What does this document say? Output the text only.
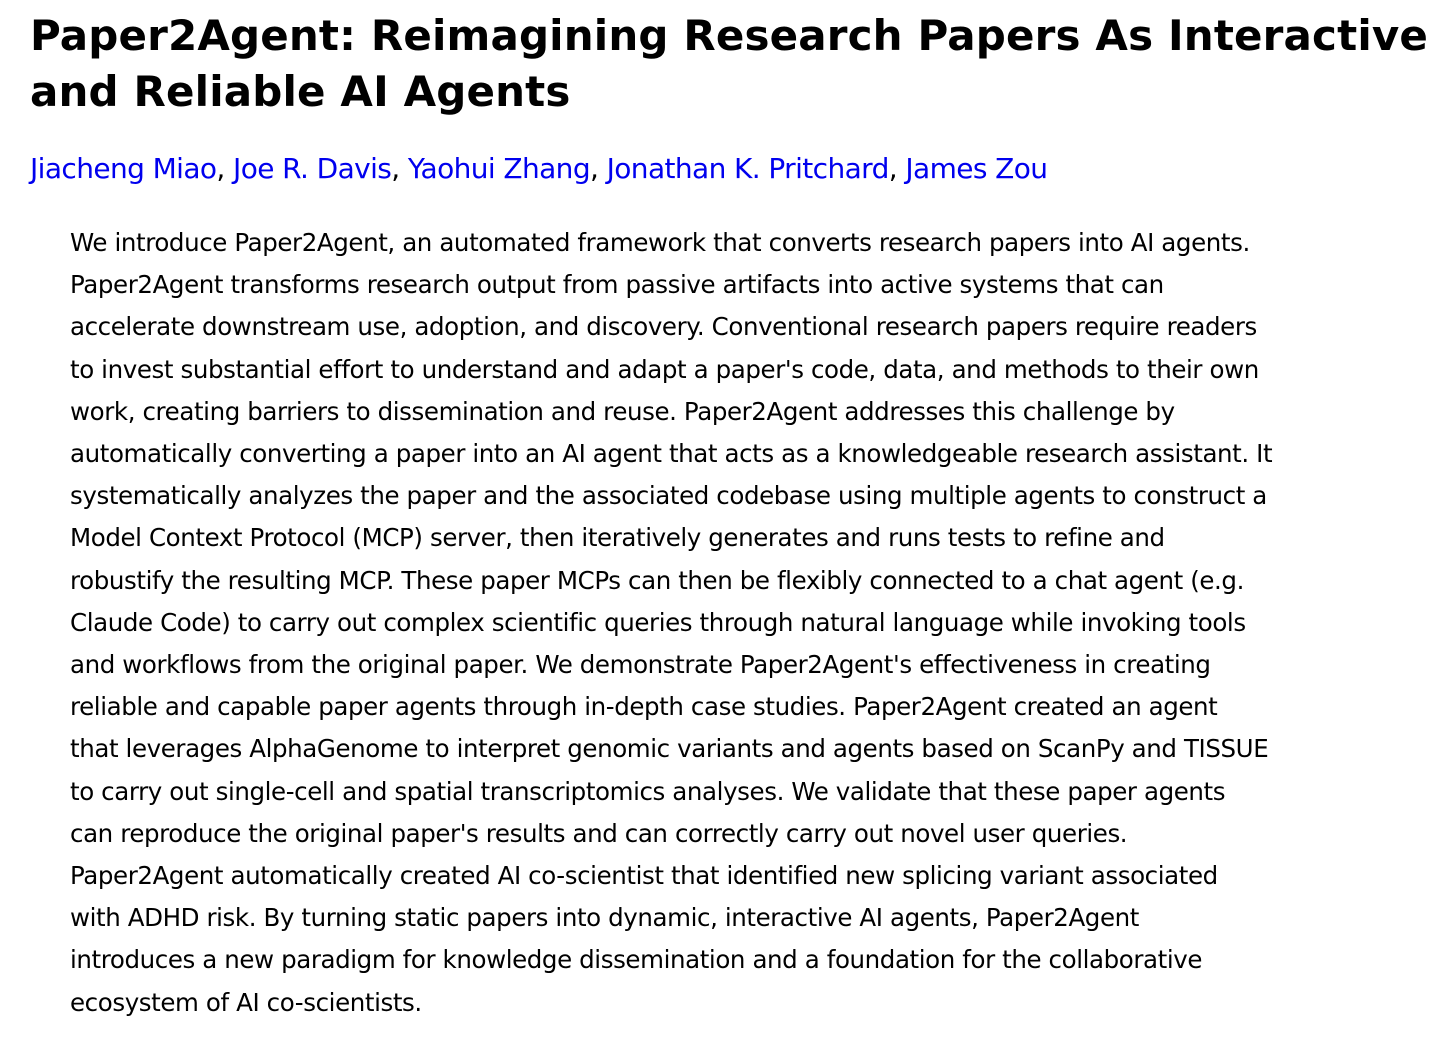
Paper2Agent: Reimagining Research Papers As Interactive
and Reliable AI Agents
Jiacheng Miao, Joe R. Davis, Yaohui Zhang, Jonathan K. Pritchard, James Zou
We introduce Paper2Agent, an automated framework that converts research papers into AI agents.
Paper2Agent transforms research output from passive artifacts into active systems that can
accelerate downstream use, adoption, and discovery. Conventional research papers require readers
to invest substantial effort to understand and adapt a paper's code, data, and methods to their own
work, creating barriers to dissemination and reuse. Paper2Agent addresses this challenge by
automatically converting a paper into an AI agent that acts as a knowledgeable research assistant. It
systematically analyzes the paper and the associated codebase using multiple agents to construct a
Model Context Protocol (MCP) server, then iteratively generates and runs tests to refine and
robustify the resulting MCP. These paper MCPs can then be flexibly connected to a chat agent (e.g.
Claude Code) to carry out complex scientific queries through natural language while invoking tools
and workflows from the original paper. We demonstrate Paper2Agent's effectiveness in creating
reliable and capable paper agents through in-depth case studies. Paper2Agent created an agent
that leverages AlphaGenome to interpret genomic variants and agents based on ScanPy and TISSUE
to carry out single-cell and spatial transcriptomics analyses. We validate that these paper agents
can reproduce the original paper's results and can correctly carry out novel user queries.
Paper2Agent automatically created AI co-scientist that identified new splicing variant associated
with ADHD risk. By turning static papers into dynamic, interactive AI agents, Paper2Agent
introduces a new paradigm for knowledge dissemination and a foundation for the collaborative
ecosystem of AI co-scientists.
